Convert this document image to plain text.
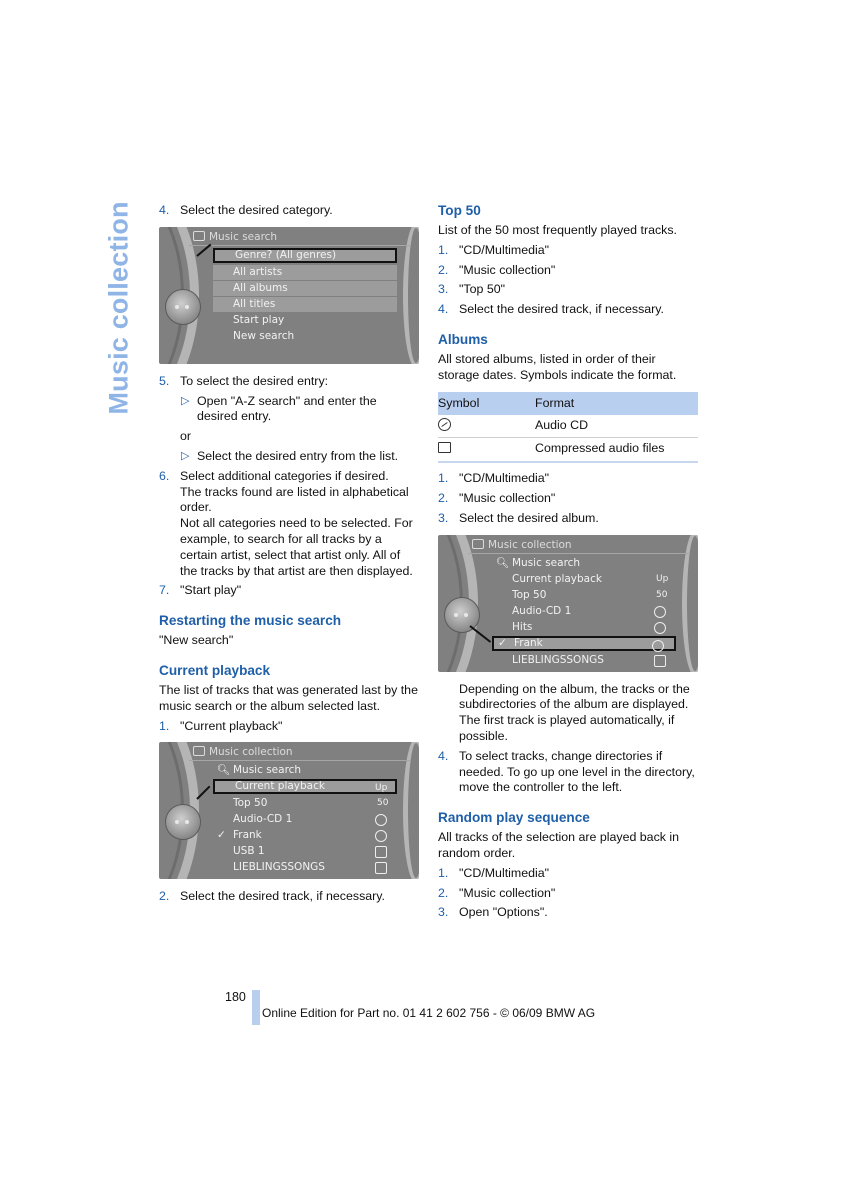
Music collection 4. Select the desired category.
Music search
Genre? (All genres)
All artists
All albums
All titles
Start play
New search
5. To select the desired entry:
▷ Open "A-Z search" and enter the desired entry.
or
▷ Select the desired entry from the list.
6. Select additional categories if desired.
The tracks found are listed in alphabetical order.
Not all categories need to be selected. For example, to search for all tracks by a certain artist, select that artist only. All of the tracks by that artist are then displayed.
7. "Start play"
Restarting the music search
"New search"
Current playback
The list of tracks that was generated last by the music search or the album selected last.
1. "Current playback"
Music collection
🔍︎ Music search
Current playback	Up
Top 50	50
Audio-CD 1
✓ Frank
USB 1
LIEBLINGSSONGS
2. Select the desired track, if necessary.
Top 50
List of the 50 most frequently played tracks.
1. "CD/Multimedia"
2. "Music collection"
3. "Top 50"
4. Select the desired track, if necessary.
Albums
All stored albums, listed in order of their storage dates. Symbols indicate the format.
Symbol	Format
	Audio CD
	Compressed audio files
1. "CD/Multimedia"
2. "Music collection"
3. Select the desired album.
Music collection
🔍︎ Music search
Current playback	Up
Top 50	50
Audio-CD 1
Hits
✓ Frank
LIEBLINGSSONGS
Depending on the album, the tracks or the subdirectories of the album are displayed. The first track is played automatically, if possible.
4. To select tracks, change directories if needed. To go up one level in the directory, move the controller to the left.
Random play sequence
All tracks of the selection are played back in random order.
1. "CD/Multimedia"
2. "Music collection"
3. Open "Options".
180
Online Edition for Part no. 01 41 2 602 756 - © 06/09 BMW AG
